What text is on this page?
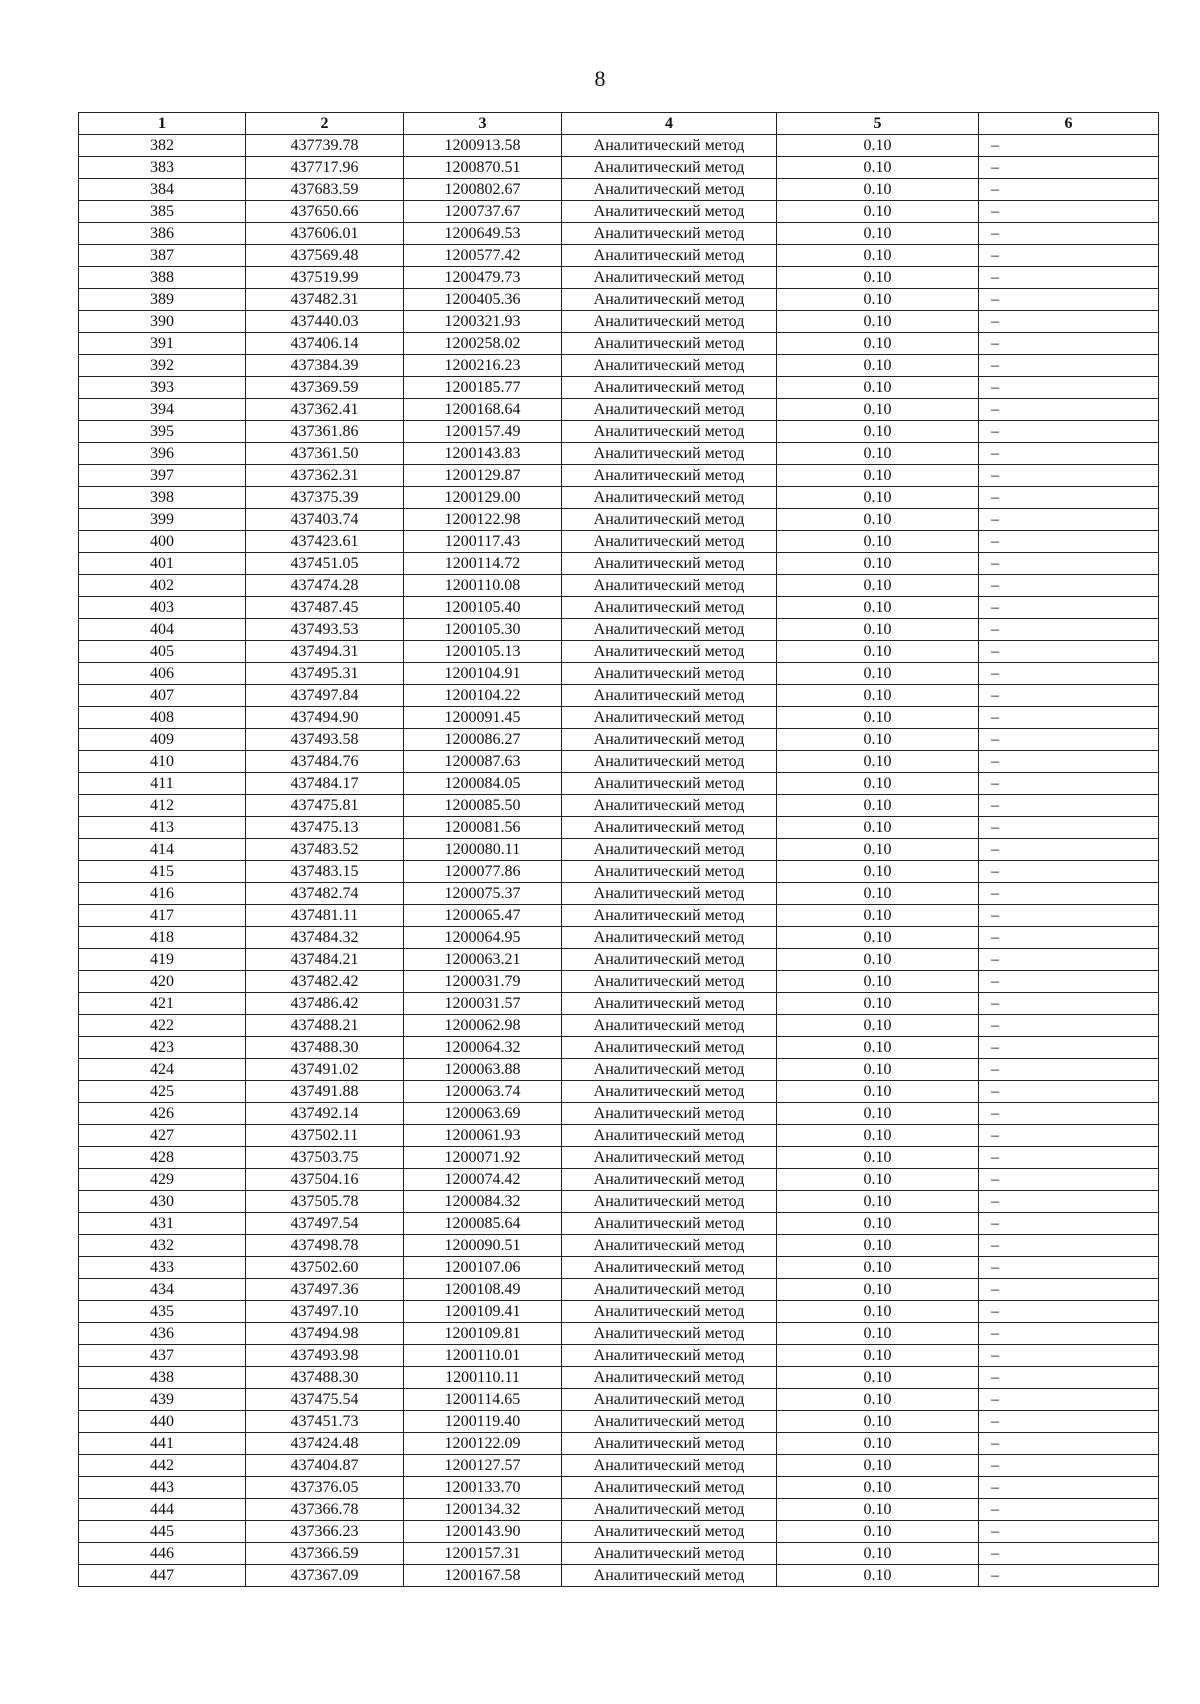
8
1	2	3	4	5	6
382	437739.78	1200913.58	Аналитический метод	0.10	–
383	437717.96	1200870.51	Аналитический метод	0.10	–
384	437683.59	1200802.67	Аналитический метод	0.10	–
385	437650.66	1200737.67	Аналитический метод	0.10	–
386	437606.01	1200649.53	Аналитический метод	0.10	–
387	437569.48	1200577.42	Аналитический метод	0.10	–
388	437519.99	1200479.73	Аналитический метод	0.10	–
389	437482.31	1200405.36	Аналитический метод	0.10	–
390	437440.03	1200321.93	Аналитический метод	0.10	–
391	437406.14	1200258.02	Аналитический метод	0.10	–
392	437384.39	1200216.23	Аналитический метод	0.10	–
393	437369.59	1200185.77	Аналитический метод	0.10	–
394	437362.41	1200168.64	Аналитический метод	0.10	–
395	437361.86	1200157.49	Аналитический метод	0.10	–
396	437361.50	1200143.83	Аналитический метод	0.10	–
397	437362.31	1200129.87	Аналитический метод	0.10	–
398	437375.39	1200129.00	Аналитический метод	0.10	–
399	437403.74	1200122.98	Аналитический метод	0.10	–
400	437423.61	1200117.43	Аналитический метод	0.10	–
401	437451.05	1200114.72	Аналитический метод	0.10	–
402	437474.28	1200110.08	Аналитический метод	0.10	–
403	437487.45	1200105.40	Аналитический метод	0.10	–
404	437493.53	1200105.30	Аналитический метод	0.10	–
405	437494.31	1200105.13	Аналитический метод	0.10	–
406	437495.31	1200104.91	Аналитический метод	0.10	–
407	437497.84	1200104.22	Аналитический метод	0.10	–
408	437494.90	1200091.45	Аналитический метод	0.10	–
409	437493.58	1200086.27	Аналитический метод	0.10	–
410	437484.76	1200087.63	Аналитический метод	0.10	–
411	437484.17	1200084.05	Аналитический метод	0.10	–
412	437475.81	1200085.50	Аналитический метод	0.10	–
413	437475.13	1200081.56	Аналитический метод	0.10	–
414	437483.52	1200080.11	Аналитический метод	0.10	–
415	437483.15	1200077.86	Аналитический метод	0.10	–
416	437482.74	1200075.37	Аналитический метод	0.10	–
417	437481.11	1200065.47	Аналитический метод	0.10	–
418	437484.32	1200064.95	Аналитический метод	0.10	–
419	437484.21	1200063.21	Аналитический метод	0.10	–
420	437482.42	1200031.79	Аналитический метод	0.10	–
421	437486.42	1200031.57	Аналитический метод	0.10	–
422	437488.21	1200062.98	Аналитический метод	0.10	–
423	437488.30	1200064.32	Аналитический метод	0.10	–
424	437491.02	1200063.88	Аналитический метод	0.10	–
425	437491.88	1200063.74	Аналитический метод	0.10	–
426	437492.14	1200063.69	Аналитический метод	0.10	–
427	437502.11	1200061.93	Аналитический метод	0.10	–
428	437503.75	1200071.92	Аналитический метод	0.10	–
429	437504.16	1200074.42	Аналитический метод	0.10	–
430	437505.78	1200084.32	Аналитический метод	0.10	–
431	437497.54	1200085.64	Аналитический метод	0.10	–
432	437498.78	1200090.51	Аналитический метод	0.10	–
433	437502.60	1200107.06	Аналитический метод	0.10	–
434	437497.36	1200108.49	Аналитический метод	0.10	–
435	437497.10	1200109.41	Аналитический метод	0.10	–
436	437494.98	1200109.81	Аналитический метод	0.10	–
437	437493.98	1200110.01	Аналитический метод	0.10	–
438	437488.30	1200110.11	Аналитический метод	0.10	–
439	437475.54	1200114.65	Аналитический метод	0.10	–
440	437451.73	1200119.40	Аналитический метод	0.10	–
441	437424.48	1200122.09	Аналитический метод	0.10	–
442	437404.87	1200127.57	Аналитический метод	0.10	–
443	437376.05	1200133.70	Аналитический метод	0.10	–
444	437366.78	1200134.32	Аналитический метод	0.10	–
445	437366.23	1200143.90	Аналитический метод	0.10	–
446	437366.59	1200157.31	Аналитический метод	0.10	–
447	437367.09	1200167.58	Аналитический метод	0.10	–
